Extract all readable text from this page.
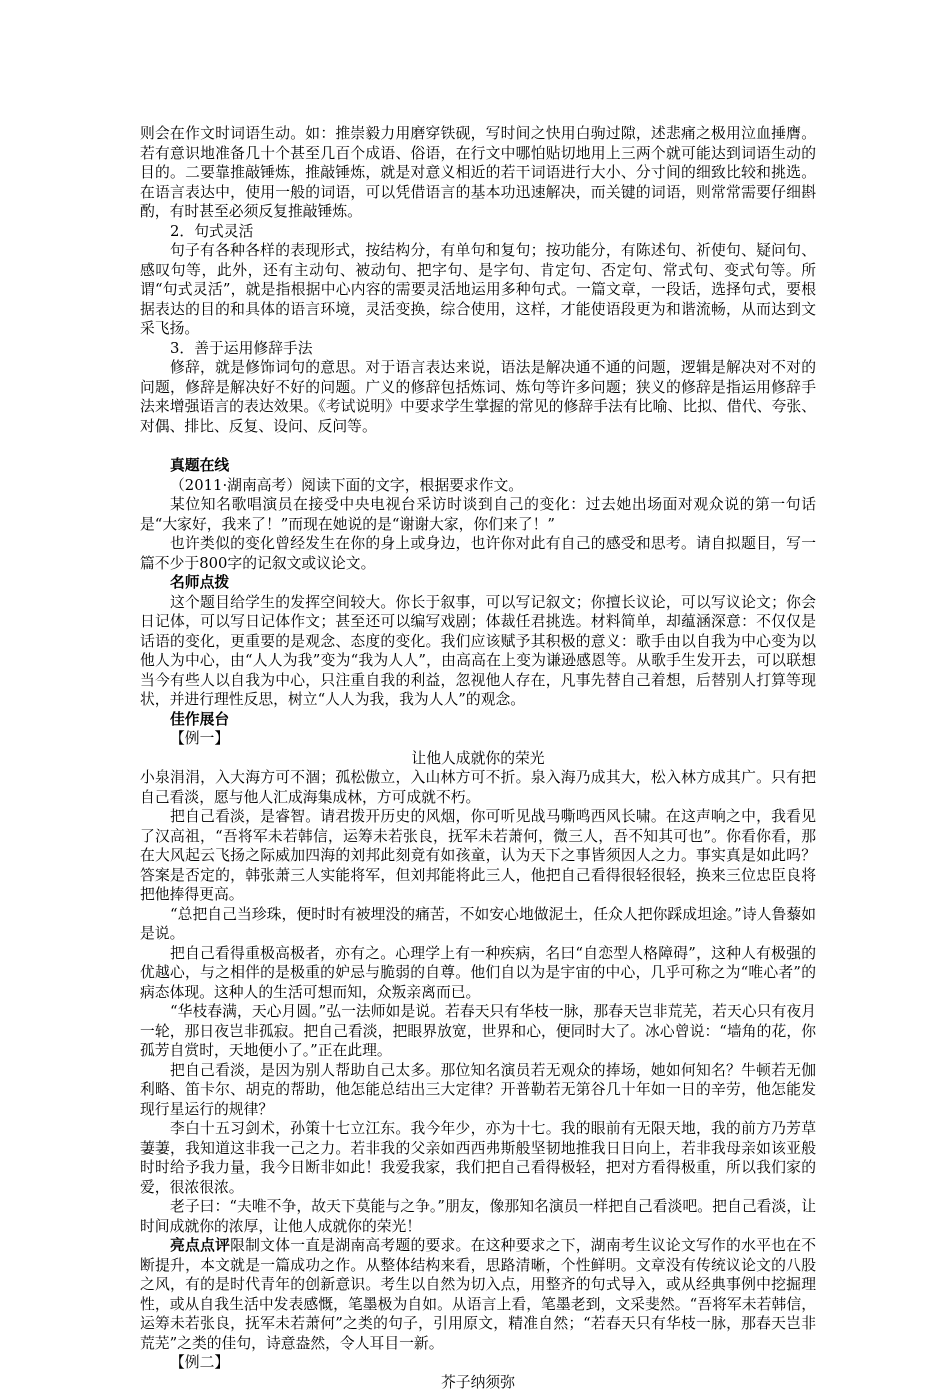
则会在作文时词语生动。如：推崇毅力用磨穿铁砚，写时间之快用白驹过隙，述悲痛之极用泣血捶膺。若有意识地准备几十个甚至几百个成语、俗语，在行文中哪怕贴切地用上三两个就可能达到词语生动的目的。二要靠推敲锤炼，推敲锤炼，就是对意义相近的若干词语进行大小、分寸间的细致比较和挑选。在语言表达中，使用一般的词语，可以凭借语言的基本功迅速解决，而关键的词语，则常常需要仔细斟酌，有时甚至必须反复推敲锤炼。

2．句式灵活

句子有各种各样的表现形式，按结构分，有单句和复句；按功能分，有陈述句、祈使句、疑问句、感叹句等，此外，还有主动句、被动句、把字句、是字句、肯定句、否定句、常式句、变式句等。所谓“句式灵活”，就是指根据中心内容的需要灵活地运用多种句式。一篇文章，一段话，选择句式，要根据表达的目的和具体的语言环境，灵活变换，综合使用，这样，才能使语段更为和谐流畅，从而达到文采飞扬。

3．善于运用修辞手法

修辞，就是修饰词句的意思。对于语言表达来说，语法是解决通不通的问题，逻辑是解决对不对的问题，修辞是解决好不好的问题。广义的修辞包括炼词、炼句等许多问题；狭义的修辞是指运用修辞手法来增强语言的表达效果。《考试说明》中要求学生掌握的常见的修辞手法有比喻、比拟、借代、夸张、对偶、排比、反复、设问、反问等。

真题在线

（2011·湖南高考）阅读下面的文字，根据要求作文。

某位知名歌唱演员在接受中央电视台采访时谈到自己的变化：过去她出场面对观众说的第一句话是“大家好，我来了！”而现在她说的是“谢谢大家，你们来了！”

也许类似的变化曾经发生在你的身上或身边，也许你对此有自己的感受和思考。请自拟题目，写一篇不少于800字的记叙文或议论文。

名师点拨

这个题目给学生的发挥空间较大。你长于叙事，可以写记叙文；你擅长议论，可以写议论文；你会日记体，可以写日记体作文；甚至还可以编写戏剧；体裁任君挑选。材料简单，却蕴涵深意：不仅仅是话语的变化，更重要的是观念、态度的变化。我们应该赋予其积极的意义：歌手由以自我为中心变为以他人为中心，由“人人为我”变为“我为人人”，由高高在上变为谦逊感恩等。从歌手生发开去，可以联想当今有些人以自我为中心，只注重自我的利益，忽视他人存在，凡事先替自己着想，后替别人打算等现状，并进行理性反思，树立“人人为我，我为人人”的观念。

佳作展台

【例一】

让他人成就你的荣光

小泉涓涓，入大海方可不涸；孤松傲立，入山林方可不折。泉入海乃成其大，松入林方成其广。只有把自己看淡，愿与他人汇成海集成林，方可成就不朽。

把自己看淡，是睿智。请君拨开历史的风烟，你可听见战马嘶鸣西风长啸。在这声响之中，我看见了汉高祖，“吾将军未若韩信，运筹未若张良，抚军未若萧何，微三人，吾不知其可也”。你看你看，那在大风起云飞扬之际威加四海的刘邦此刻竟有如孩童，认为天下之事皆须因人之力。事实真是如此吗？答案是否定的，韩张萧三人实能将军，但刘邦能将此三人，他把自己看得很轻很轻，换来三位忠臣良将把他捧得更高。

“总把自己当珍珠，便时时有被埋没的痛苦，不如安心地做泥土，任众人把你踩成坦途。”诗人鲁藜如是说。

把自己看得重极高极者，亦有之。心理学上有一种疾病，名曰“自恋型人格障碍”，这种人有极强的优越心，与之相伴的是极重的妒忌与脆弱的自尊。他们自以为是宇宙的中心，几乎可称之为“唯心者”的病态体现。这种人的生活可想而知，众叛亲离而已。

“华枝春满，天心月圆。”弘一法师如是说。若春天只有华枝一脉，那春天岂非荒芜，若天心只有夜月一轮，那日夜岂非孤寂。把自己看淡，把眼界放宽，世界和心，便同时大了。冰心曾说：“墙角的花，你孤芳自赏时，天地便小了。”正在此理。

把自己看淡，是因为别人帮助自己太多。那位知名演员若无观众的捧场，她如何知名？牛顿若无伽利略、笛卡尔、胡克的帮助，他怎能总结出三大定律？开普勒若无第谷几十年如一日的辛劳，他怎能发现行星运行的规律？

李白十五习剑术，孙策十七立江东。我今年少，亦为十七。我的眼前有无限天地，我的前方乃芳草萋萋，我知道这非我一己之力。若非我的父亲如西西弗斯般坚韧地推我日日向上，若非我母亲如该亚般时时给予我力量，我今日断非如此！我爱我家，我们把自己看得极轻，把对方看得极重，所以我们家的爱，很浓很浓。

老子曰：“夫唯不争，故天下莫能与之争。”朋友，像那知名演员一样把自己看淡吧。把自己看淡，让时间成就你的浓厚，让他人成就你的荣光！

亮点点评限制文体一直是湖南高考题的要求。在这种要求之下，湖南考生议论文写作的水平也在不断提升，本文就是一篇成功之作。从整体结构来看，思路清晰，个性鲜明。文章没有传统议论文的八股之风，有的是时代青年的创新意识。考生以自然为切入点，用整齐的句式导入，或从经典事例中挖掘理性，或从自我生活中发表感慨，笔墨极为自如。从语言上看，笔墨老到，文采斐然。“吾将军未若韩信，运筹未若张良，抚军未若萧何”之类的句子，引用原文，精准自然；“若春天只有华枝一脉，那春天岂非荒芜”之类的佳句，诗意盎然，令人耳目一新。

【例二】

芥子纳须弥
